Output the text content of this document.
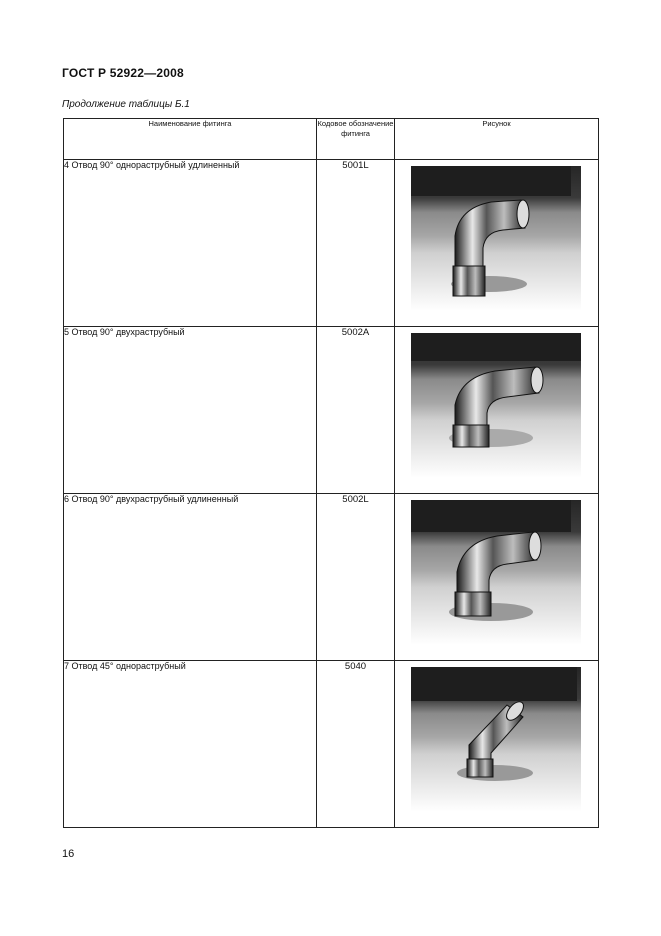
ГОСТ Р 52922—2008
Продолжение таблицы Б.1
Наименование фитинга	Кодовое обозначение фитинга	Рисунок
4 Отвод 90° однораструбный удлиненный	5001L	

5 Отвод 90° двухраструбный	5002A	

6 Отвод 90° двухраструбный удлиненный	5002L	

7 Отвод 45° однораструбный	5040	
16
